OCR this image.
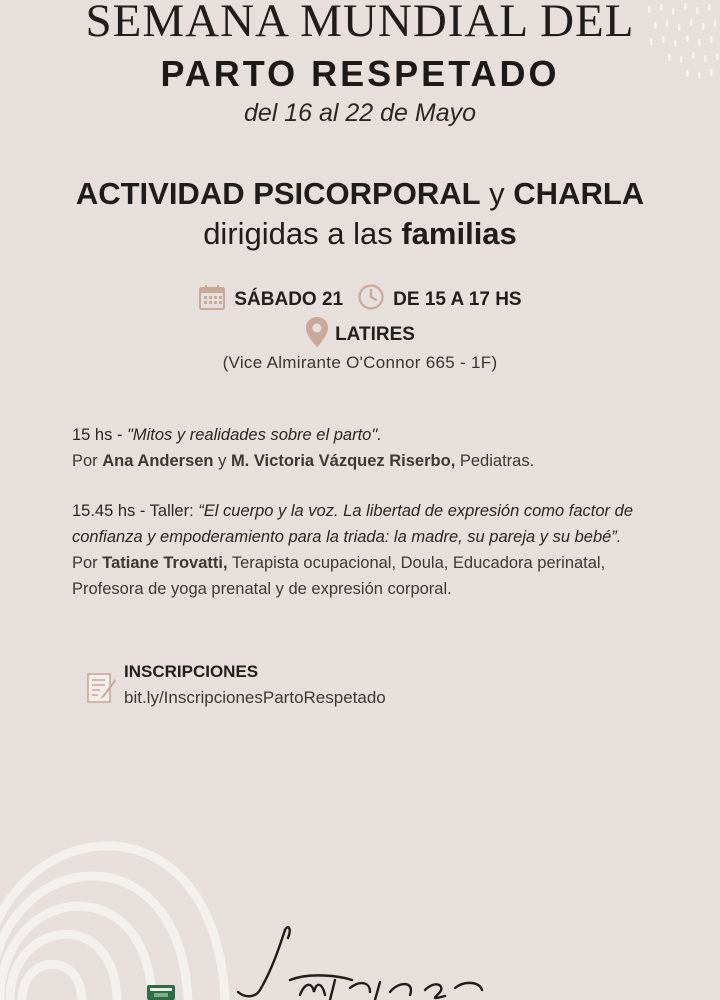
SEMANA MUNDIAL DEL
PARTO RESPETADO
del 16 al 22 de Mayo
ACTIVIDAD PSICORPORAL y CHARLA
dirigidas a las familias
SÁBADO 21	DE 15 A 17 HS
LATIRES
(Vice Almirante O'Connor 665 - 1F)
15 hs - "Mitos y realidades sobre el parto".
Por Ana Andersen y M. Victoria Vázquez Riserbo, Pediatras.
15.45 hs - Taller: “El cuerpo y la voz. La libertad de expresión como factor de confianza y empoderamiento para la triada: la madre, su pareja y su bebé”.
Por Tatiane Trovatti, Terapista ocupacional, Doula, Educadora perinatal, Profesora de yoga prenatal y de expresión corporal.
INSCRIPCIONES
bit.ly/InscripcionesPartoRespetado
